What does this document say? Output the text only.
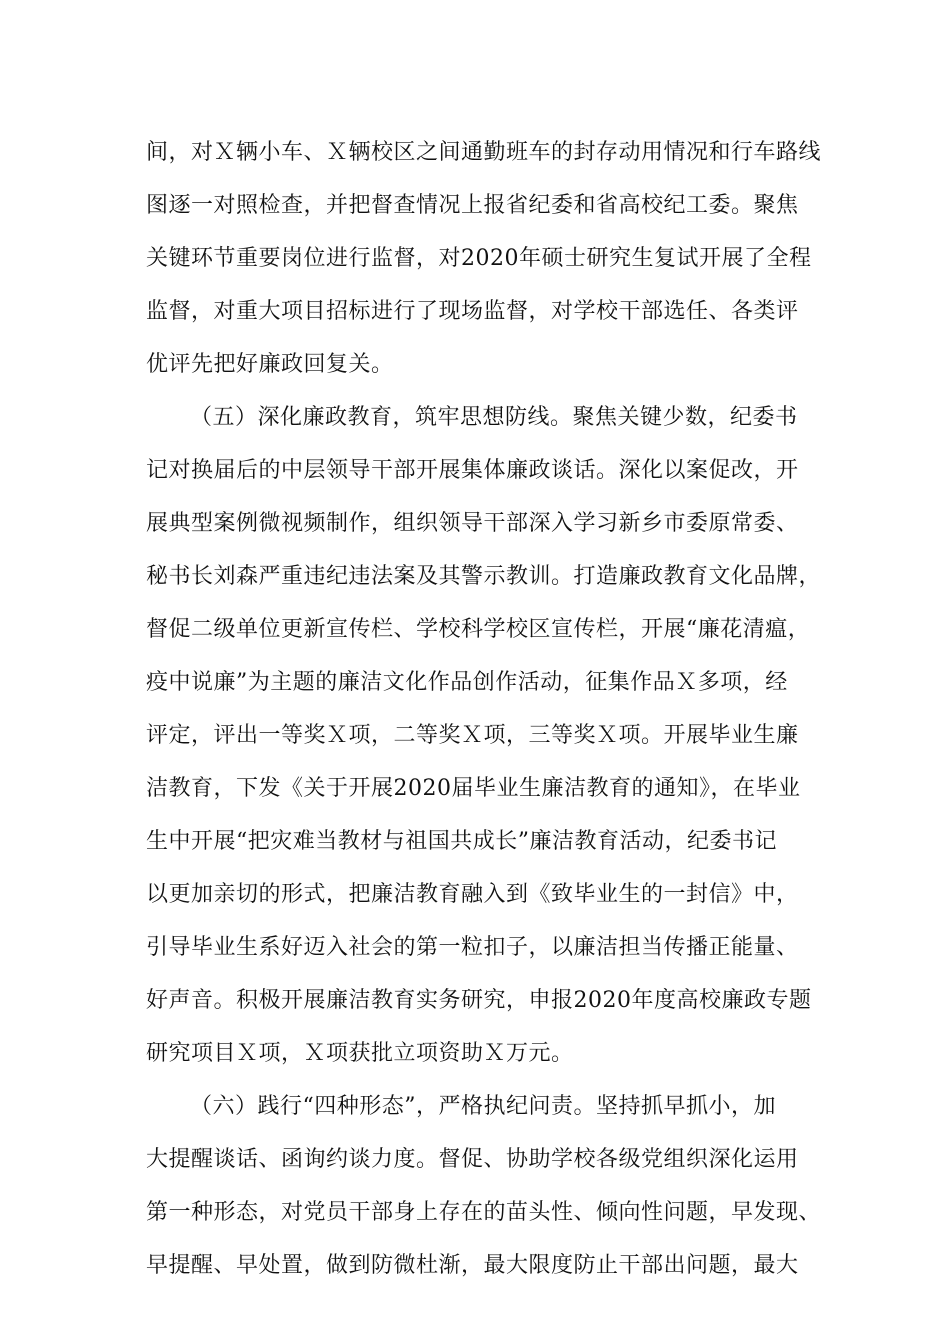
间，对Ｘ辆小车、Ｘ辆校区之间通勤班车的封存动用情况和行车路线
图逐一对照检查，并把督查情况上报省纪委和省高校纪工委。聚焦
关键环节重要岗位进行监督，对2020年硕士研究生复试开展了全程
监督，对重大项目招标进行了现场监督，对学校干部选任、各类评
优评先把好廉政回复关。
（五）深化廉政教育，筑牢思想防线。聚焦关键少数，纪委书
记对换届后的中层领导干部开展集体廉政谈话。深化以案促改，开
展典型案例微视频制作，组织领导干部深入学习新乡市委原常委、
秘书长刘森严重违纪违法案及其警示教训。打造廉政教育文化品牌，
督促二级单位更新宣传栏、学校科学校区宣传栏，开展“廉花清瘟，
疫中说廉”为主题的廉洁文化作品创作活动，征集作品Ｘ多项，经
评定，评出一等奖Ｘ项，二等奖Ｘ项，三等奖Ｘ项。开展毕业生廉
洁教育，下发《关于开展2020届毕业生廉洁教育的通知》，在毕业
生中开展“把灾难当教材与祖国共成长”廉洁教育活动，纪委书记
以更加亲切的形式，把廉洁教育融入到《致毕业生的一封信》中，
引导毕业生系好迈入社会的第一粒扣子，以廉洁担当传播正能量、
好声音。积极开展廉洁教育实务研究，申报2020年度高校廉政专题
研究项目Ｘ项，Ｘ项获批立项资助Ｘ万元。
（六）践行“四种形态”，严格执纪问责。坚持抓早抓小，加
大提醒谈话、函询约谈力度。督促、协助学校各级党组织深化运用
第一种形态，对党员干部身上存在的苗头性、倾向性问题，早发现、
早提醒、早处置，做到防微杜渐，最大限度防止干部出问题，最大
